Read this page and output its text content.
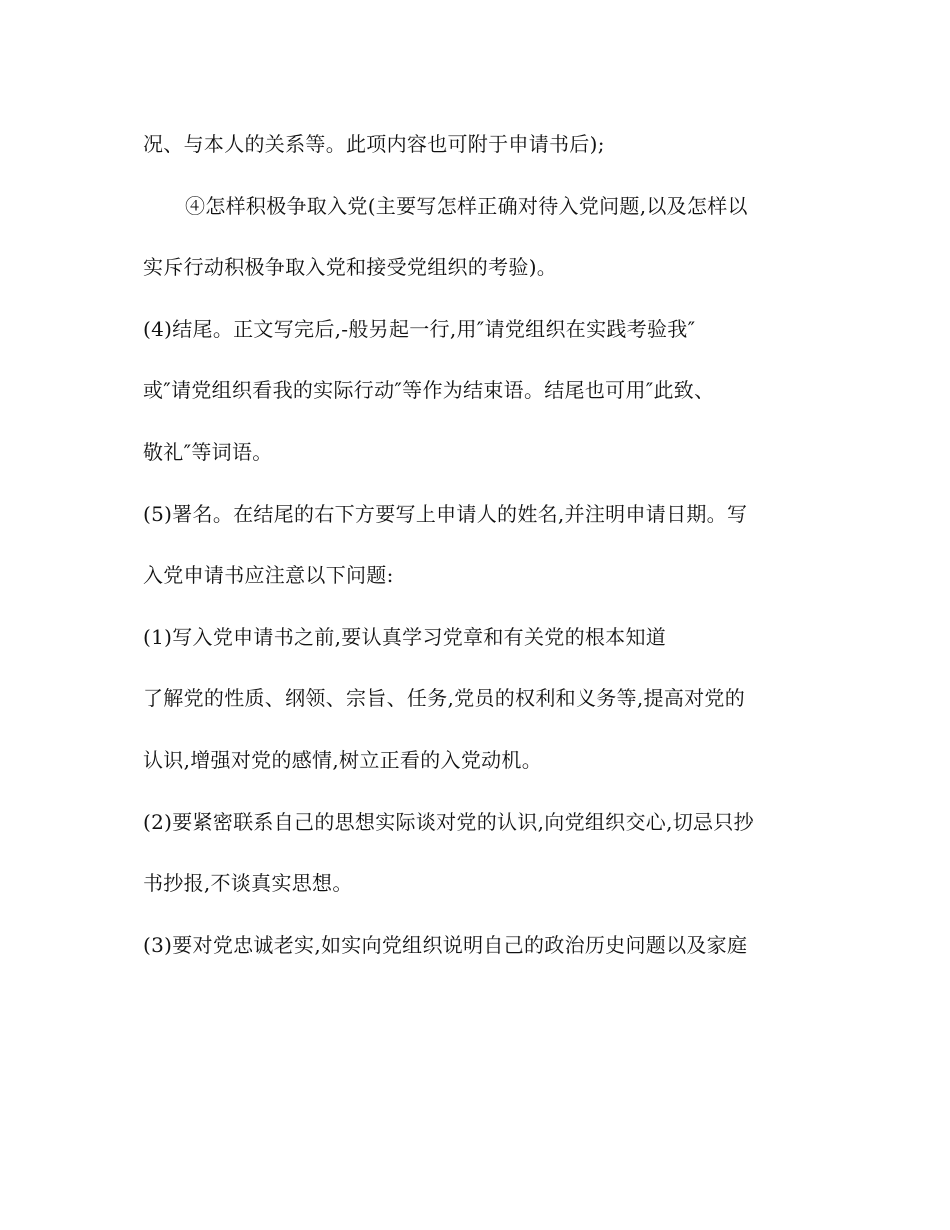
况、与本人的关系等。此项内容也可附于申请书后);
④怎样积极争取入党(主要写怎样正确对待入党问题,以及怎样以
实斥行动积极争取入党和接受党组织的考验)。
(4)结尾。正文写完后,-般另起一行,用″请党组织在实践考验我″
或″请党组织看我的实际行动″等作为结束语。结尾也可用″此致、
敬礼″等词语。
(5)署名。在结尾的右下方要写上申请人的姓名,并注明申请日期。写
入党申请书应注意以下问题:
(1)写入党申请书之前,要认真学习党章和有关党的根本知道
了解党的性质、纲领、宗旨、任务,党员的权利和义务等,提高对党的
认识,增强对党的感情,树立正看的入党动机。
(2)要紧密联系自己的思想实际谈对党的认识,向党组织交心,切忌只抄
书抄报,不谈真实思想。
(3)要对党忠诚老实,如实向党组织说明自己的政治历史问题以及家庭
